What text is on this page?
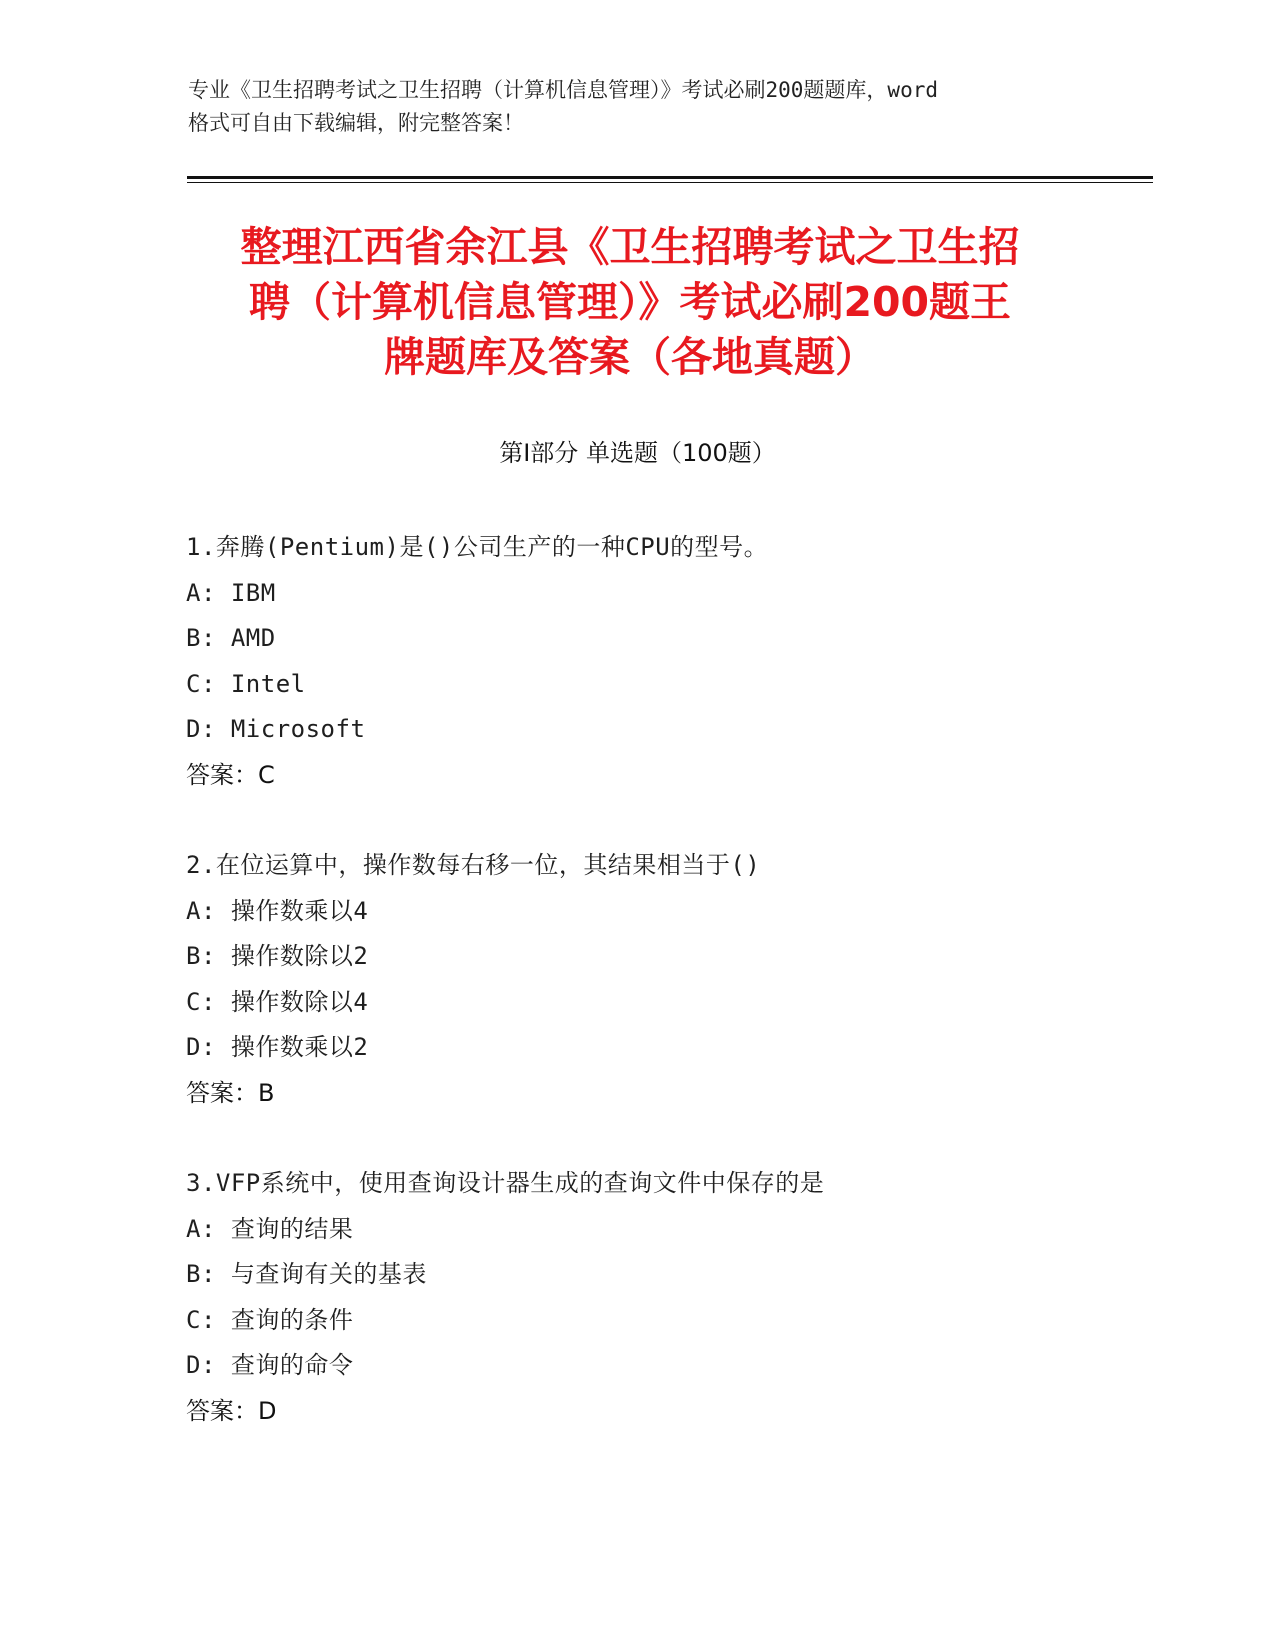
专业《卫生招聘考试之卫生招聘（计算机信息管理）》考试必刷200题题库，word
格式可自由下载编辑，附完整答案！
整理江西省余江县《卫生招聘考试之卫生招
聘（计算机信息管理）》考试必刷200题王
牌题库及答案（各地真题）
第Ⅰ部分 单选题（100题）
1.奔腾(Pentium)是()公司生产的一种CPU的型号。
A: IBM
B: AMD
C: Intel
D: Microsoft
答案：C
2.在位运算中，操作数每右移一位，其结果相当于()
A: 操作数乘以4
B: 操作数除以2
C: 操作数除以4
D: 操作数乘以2
答案：B
3.VFP系统中，使用查询设计器生成的查询文件中保存的是
A: 查询的结果
B: 与查询有关的基表
C: 查询的条件
D: 查询的命令
答案：D
